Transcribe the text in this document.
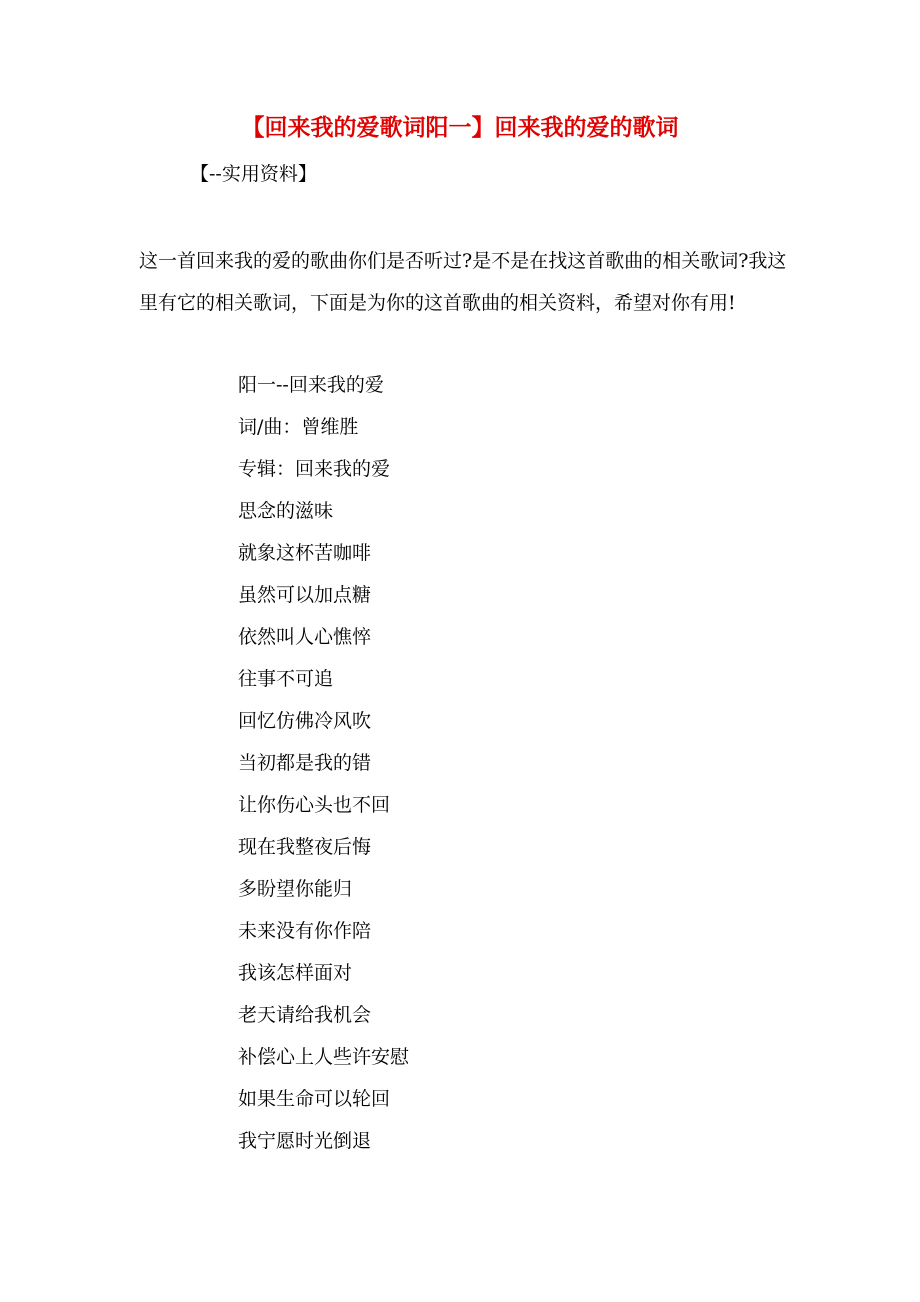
【回来我的爱歌词阳一】回来我的爱的歌词
【--实用资料】
这一首回来我的爱的歌曲你们是否听过?是不是在找这首歌曲的相关歌词?我这里有它的相关歌词，下面是为你的这首歌曲的相关资料，希望对你有用!
阳一--回来我的爱
词/曲：曾维胜
专辑：回来我的爱
思念的滋味
就象这杯苦咖啡
虽然可以加点糖
依然叫人心憔悴
往事不可追
回忆仿佛冷风吹
当初都是我的错
让你伤心头也不回
现在我整夜后悔
多盼望你能归
未来没有你作陪
我该怎样面对
老天请给我机会
补偿心上人些许安慰
如果生命可以轮回
我宁愿时光倒退
